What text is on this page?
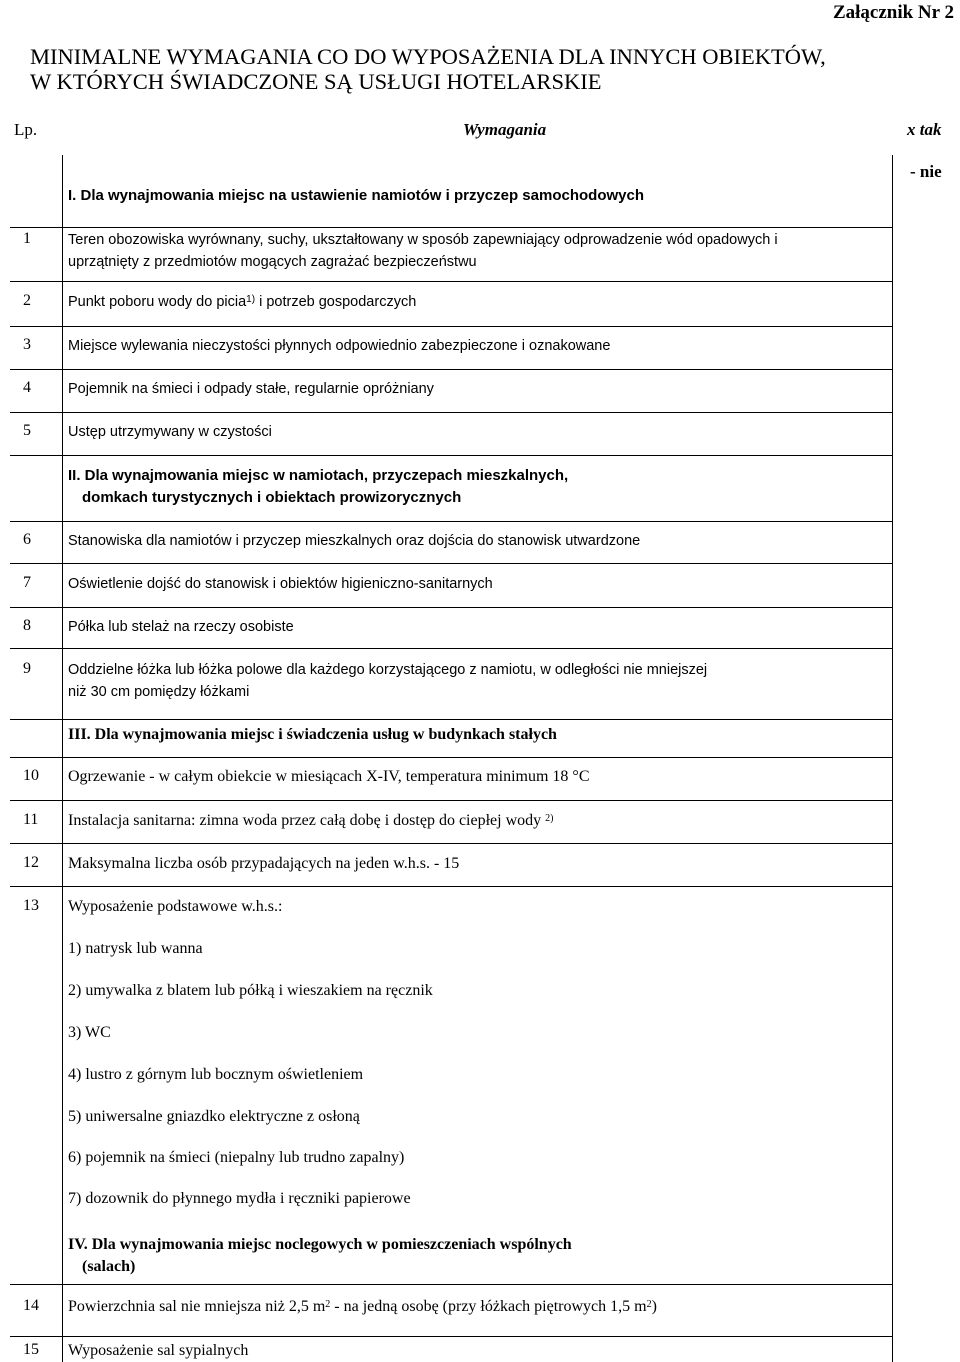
Załącznik Nr 2
MINIMALNE WYMAGANIA CO DO WYPOSAŻENIA DLA INNYCH OBIEKTÓW,
W KTÓRYCH ŚWIADCZONE SĄ USŁUGI HOTELARSKIE
Lp.	Wymagania	x tak
- nie
I. Dla wynajmowania miejsc na ustawienie namiotów i przyczep samochodowych
1	Teren obozowiska wyrównany, suchy, ukształtowany w sposób zapewniający odprowadzenie wód opadowych i
uprzątnięty z przedmiotów mogących zagrażać bezpieczeństwu
2	Punkt poboru wody do picia$^{1)}$ i potrzeb gospodarczych
3	Miejsce wylewania nieczystości płynnych odpowiednio zabezpieczone i oznakowane
4	Pojemnik na śmieci i odpady stałe, regularnie opróżniany
5	Ustęp utrzymywany w czystości
II. Dla wynajmowania miejsc w namiotach, przyczepach mieszkalnych,
domkach turystycznych i obiektach prowizorycznych
6	Stanowiska dla namiotów i przyczep mieszkalnych oraz dojścia do stanowisk utwardzone
7	Oświetlenie dojść do stanowisk i obiektów higieniczno-sanitarnych
8	Półka lub stelaż na rzeczy osobiste
9	Oddzielne łóżka lub łóżka polowe dla każdego korzystającego z namiotu, w odległości nie mniejszej
niż 30 cm pomiędzy łóżkami
III. Dla wynajmowania miejsc i świadczenia usług w budynkach stałych
10 Ogrzewanie - w całym obiekcie w miesiącach X-IV, temperatura minimum 18 °C
11 Instalacja sanitarna: zimna woda przez całą dobę i dostęp do ciepłej wody $^{2)}$
12 Maksymalna liczba osób przypadających na jeden w.h.s. - 15
13 Wyposażenie podstawowe w.h.s.:
1) natrysk lub wanna
2) umywalka z blatem lub półką i wieszakiem na ręcznik
3) WC
4) lustro z górnym lub bocznym oświetleniem
5) uniwersalne gniazdko elektryczne z osłoną
6) pojemnik na śmieci (niepalny lub trudno zapalny)
7) dozownik do płynnego mydła i ręczniki papierowe
IV. Dla wynajmowania miejsc noclegowych w pomieszczeniach wspólnych
(salach)
14 Powierzchnia sal nie mniejsza niż 2,5 $m^2$ - na jedną osobę (przy łóżkach piętrowych 1,5 $m^2$)
15 Wyposażenie sal sypialnych
